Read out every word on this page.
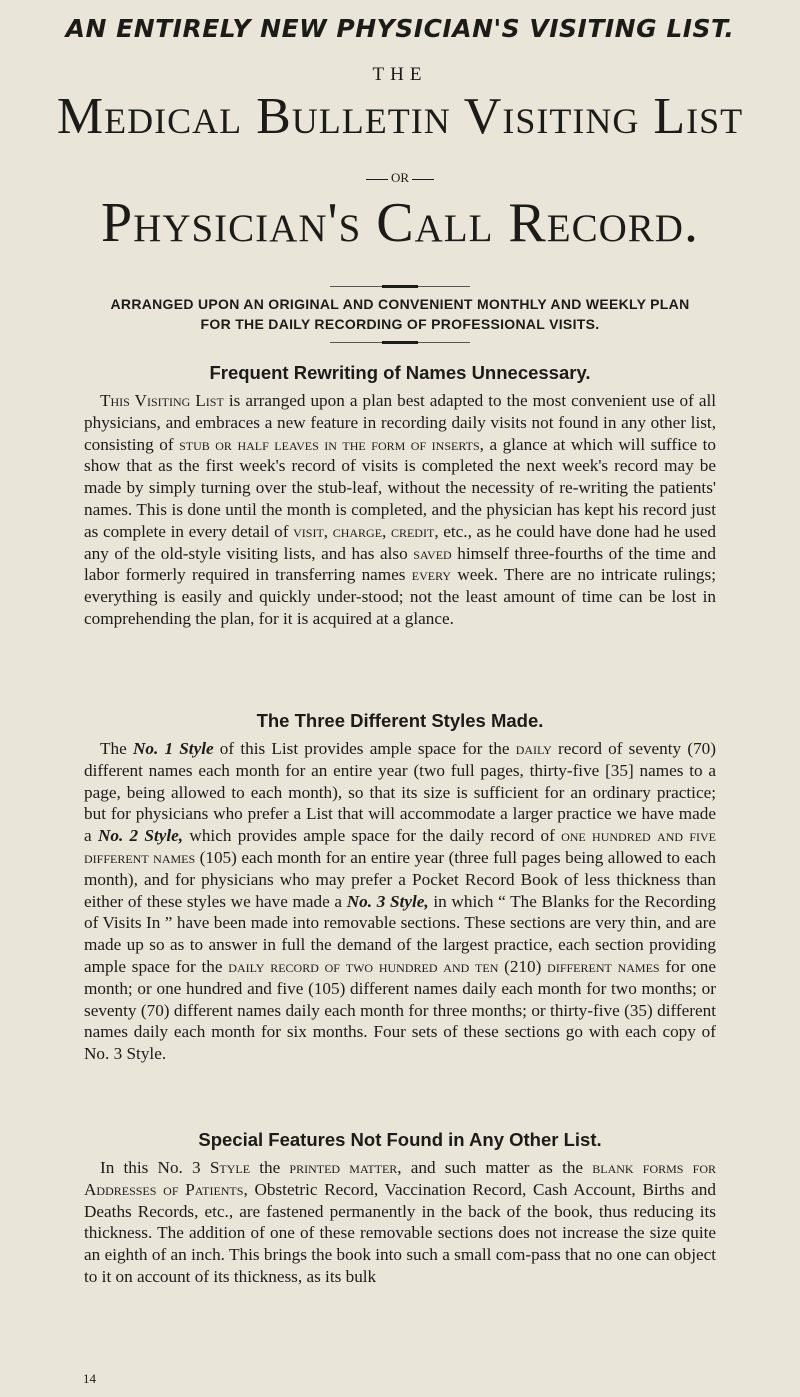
AN ENTIRELY NEW PHYSICIAN'S VISITING LIST.
THE
Medical Bulletin Visiting List
OR
Physician's Call Record.
ARRANGED UPON AN ORIGINAL AND CONVENIENT MONTHLY AND WEEKLY PLAN
FOR THE DAILY RECORDING OF PROFESSIONAL VISITS.
Frequent Rewriting of Names Unnecessary.

This Visiting List is arranged upon a plan best adapted to the most convenient use of all physicians, and embraces a new feature in recording daily visits not found in any other list, consisting of stub or half leaves in the form of inserts, a glance at which will suffice to show that as the first week's record of visits is completed the next week's record may be made by simply turning over the stub-leaf, without the necessity of re-writing the patients' names. This is done until the month is completed, and the physician has kept his record just as complete in every detail of visit, charge, credit, etc., as he could have done had he used any of the old-style visiting lists, and has also saved himself three-fourths of the time and labor formerly required in transferring names every week. There are no intricate rulings; everything is easily and quickly under-stood; not the least amount of time can be lost in comprehending the plan, for it is acquired at a glance.

The Three Different Styles Made.

The No. 1 Style of this List provides ample space for the daily record of seventy (70) different names each month for an entire year (two full pages, thirty-five [35] names to a page, being allowed to each month), so that its size is sufficient for an ordinary practice; but for physicians who prefer a List that will accommodate a larger practice we have made a No. 2 Style, which provides ample space for the daily record of one hundred and five different names (105) each month for an entire year (three full pages being allowed to each month), and for physicians who may prefer a Pocket Record Book of less thickness than either of these styles we have made a No. 3 Style, in which “ The Blanks for the Recording of Visits In ” have been made into removable sections. These sections are very thin, and are made up so as to answer in full the demand of the largest practice, each section providing ample space for the daily record of two hundred and ten (210) different names for one month; or one hundred and five (105) different names daily each month for two months; or seventy (70) different names daily each month for three months; or thirty-five (35) different names daily each month for six months. Four sets of these sections go with each copy of No. 3 Style.

Special Features Not Found in Any Other List.

In this No. 3 Style the printed matter, and such matter as the blank forms for Addresses of Patients, Obstetric Record, Vaccination Record, Cash Account, Births and Deaths Records, etc., are fastened permanently in the back of the book, thus reducing its thickness. The addition of one of these removable sections does not increase the size quite an eighth of an inch. This brings the book into such a small com-pass that no one can object to it on account of its thickness, as its bulk

14
